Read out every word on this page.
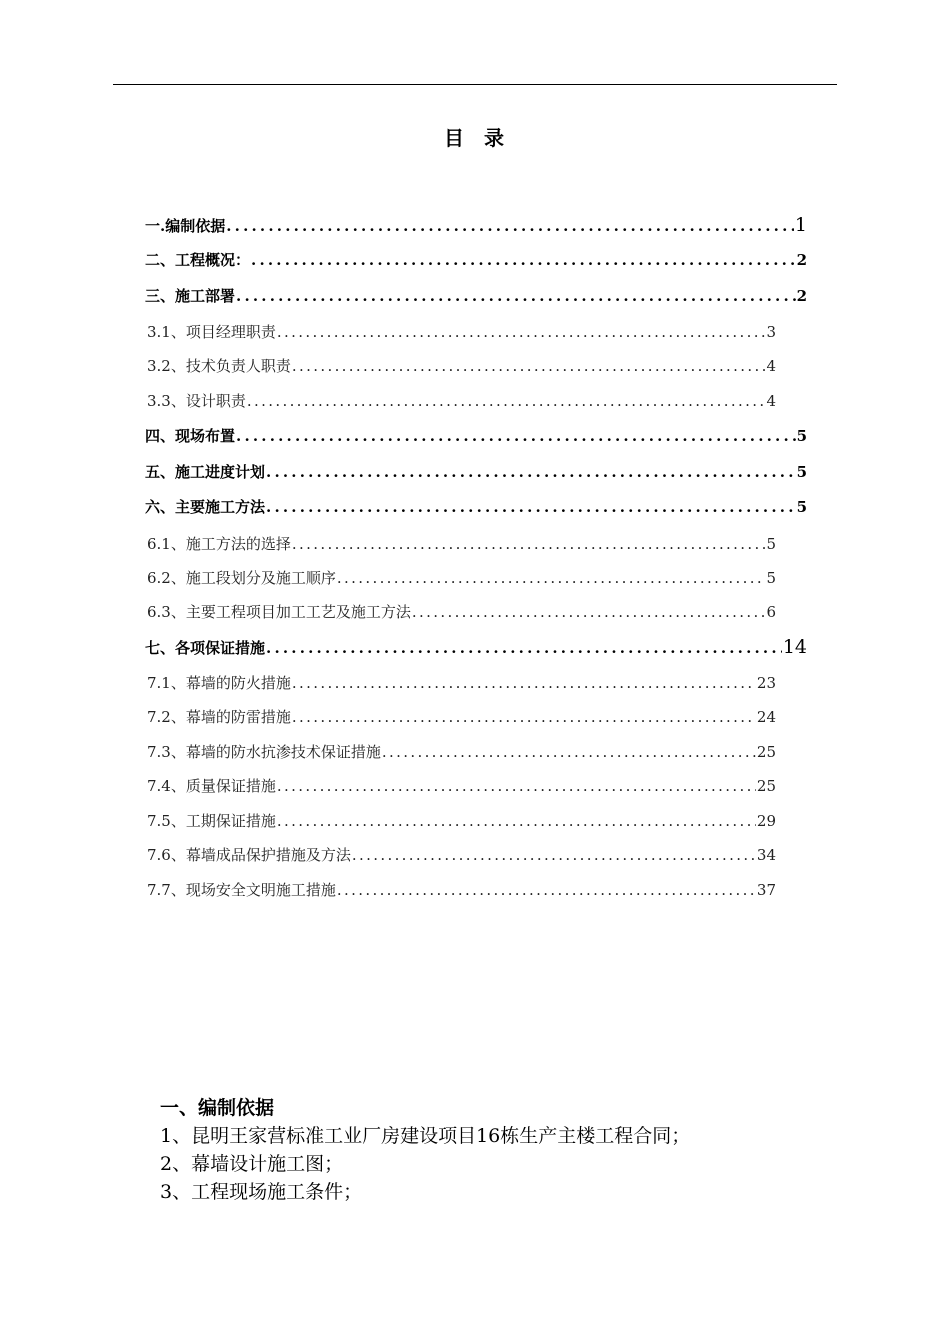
目 录
一.编制依据 .....	1
二、工程概况： .....	2
三、施工部署 .....	2
3.1、项目经理职责 .....	3
3.2、技术负责人职责 .....	4
3.3、设计职责 .....	4
四、现场布置 .....	5
五、施工进度计划 .....	5
六、主要施工方法 .....	5
6.1、施工方法的选择 .....	5
6.2、施工段划分及施工顺序 .....	5
6.3、主要工程项目加工工艺及施工方法 .....	6
七、各项保证措施 .....	14
7.1、幕墙的防火措施 .....	23
7.2、幕墙的防雷措施 .....	24
7.3、幕墙的防水抗渗技术保证措施 .....	25
7.4、质量保证措施 .....	25
7.5、工期保证措施 .....	29
7.6、幕墙成品保护措施及方法 .....	34
7.7、现场安全文明施工措施 .....	37
一、编制依据

1、昆明王家营标准工业厂房建设项目16栋生产主楼工程合同；

2、幕墙设计施工图；

3、工程现场施工条件；
